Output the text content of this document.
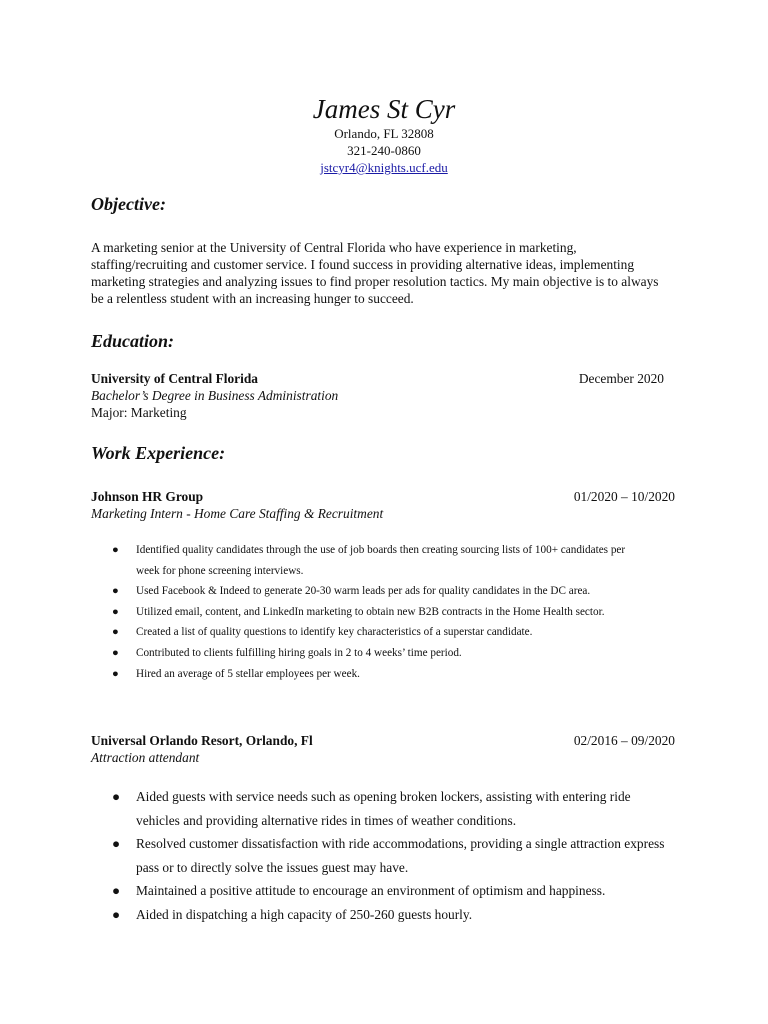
James St Cyr

Orlando, FL 32808

321-240-0860

jstcyr4@knights.ucf.edu

Objective:

A marketing senior at the University of Central Florida who have experience in marketing, staffing/recruiting and customer service. I found success in providing alternative ideas, implementing marketing strategies and analyzing issues to find proper resolution tactics. My main objective is to always be a relentless student with an increasing hunger to succeed.

Education:
University of Central Florida	December 2020

Bachelor’s Degree in Business Administration

Major: Marketing

Work Experience:
Johnson HR Group	01/2020 – 10/2020

Marketing Intern - Home Care Staffing & Recruitment

● Identified quality candidates through the use of job boards then creating sourcing lists of 100+ candidates per week for phone screening interviews.
● Used Facebook & Indeed to generate 20-30 warm leads per ads for quality candidates in the DC area.
● Utilized email, content, and LinkedIn marketing to obtain new B2B contracts in the Home Health sector.
● Created a list of quality questions to identify key characteristics of a superstar candidate.
● Contributed to clients fulfilling hiring goals in 2 to 4 weeks’ time period.
● Hired an average of 5 stellar employees per week.
Universal Orlando Resort, Orlando, Fl	02/2016 – 09/2020

Attraction attendant

● Aided guests with service needs such as opening broken lockers, assisting with entering ride vehicles and providing alternative rides in times of weather conditions.
● Resolved customer dissatisfaction with ride accommodations, providing a single attraction express pass or to directly solve the issues guest may have.
● Maintained a positive attitude to encourage an environment of optimism and happiness.
● Aided in dispatching a high capacity of 250-260 guests hourly.
